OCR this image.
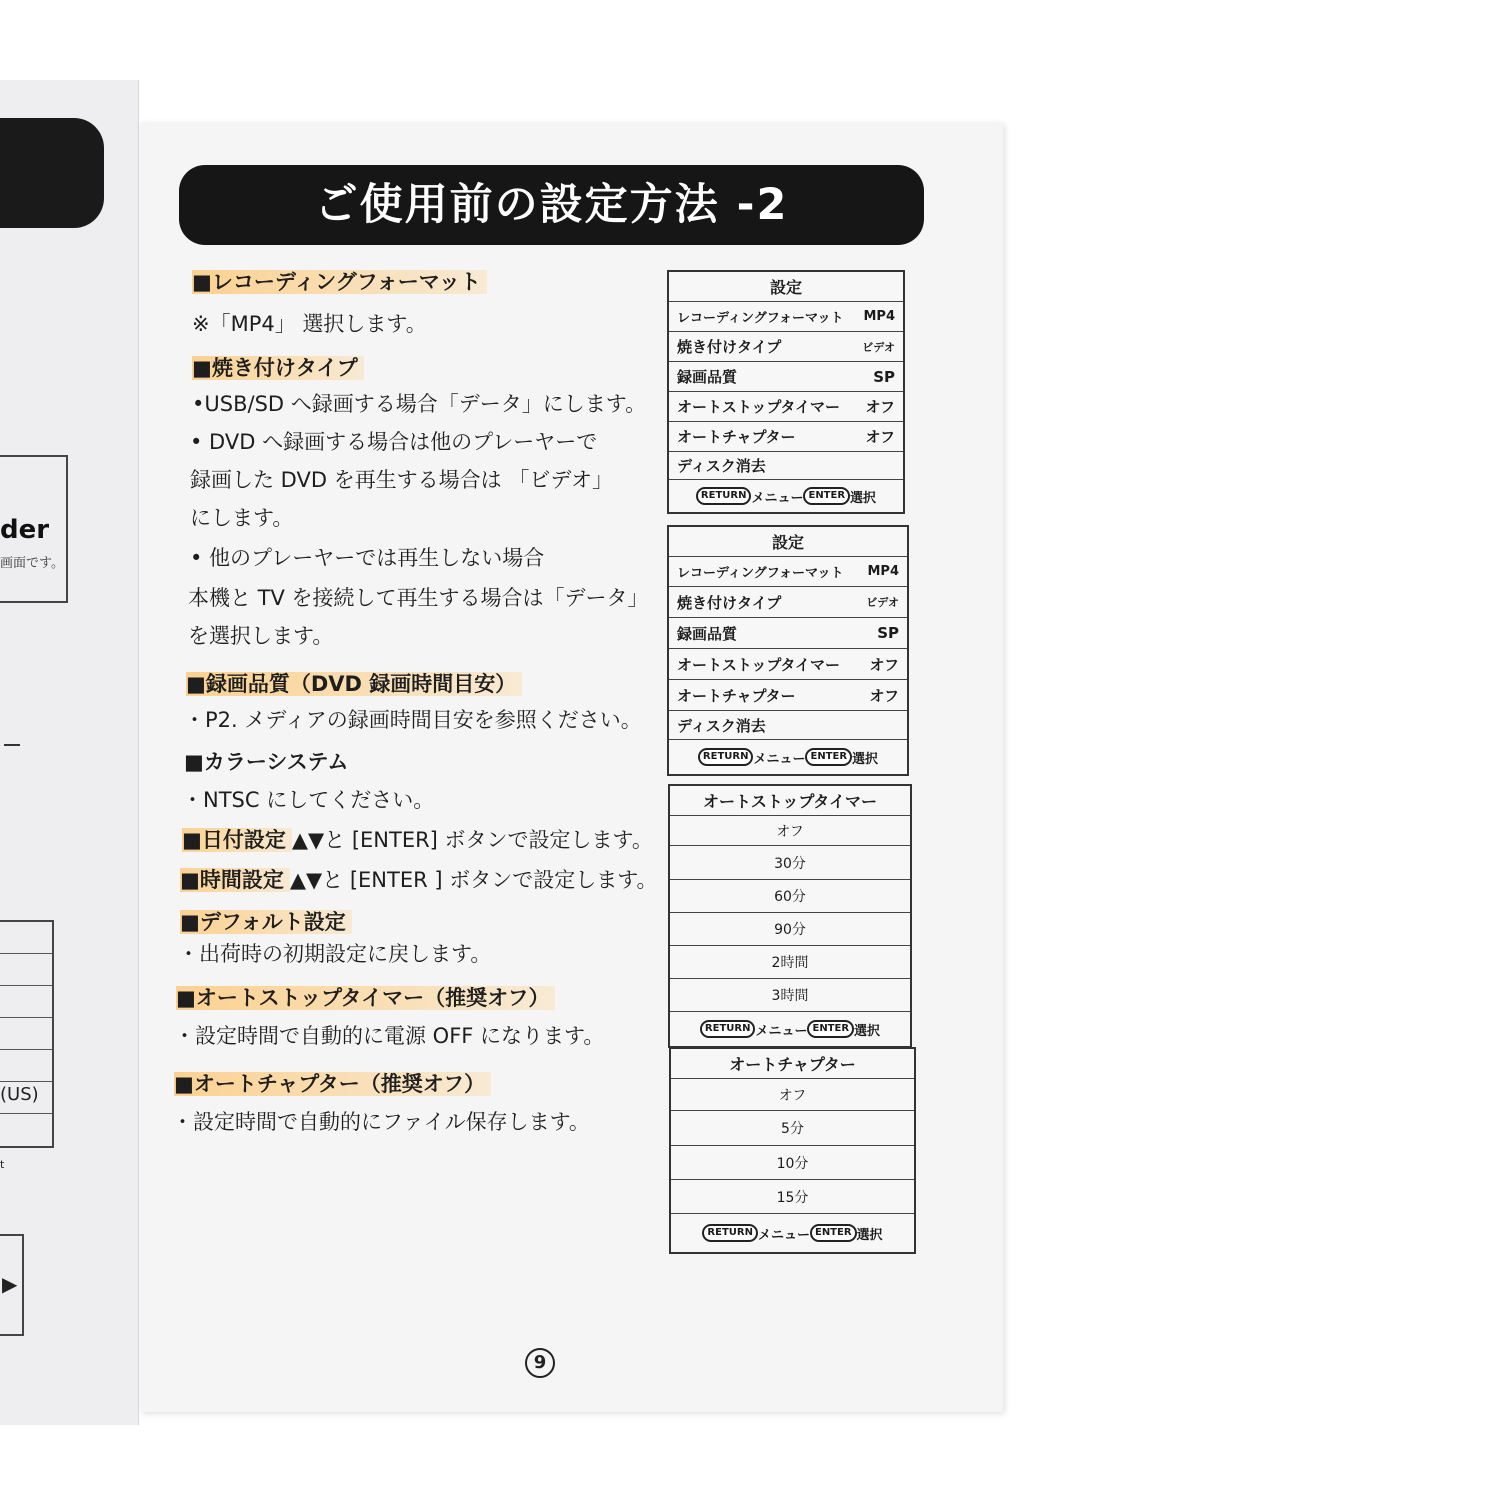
der
画面です。
(US)
t
▶
ご使用前の設定方法 -2
■レコーディングフォーマット
※「MP4」 選択します。
■焼き付けタイプ
•USB/SD へ録画する場合「データ」にします。
• DVD へ録画する場合は他のプレーヤーで
録画した DVD を再生する場合は 「ビデオ」
にします。
• 他のプレーヤーでは再生しない場合
本機と TV を接続して再生する場合は「データ」
を選択します。
■録画品質（DVD 録画時間目安）
・P2. メディアの録画時間目安を参照ください。
■カラーシステム
・NTSC にしてください。
■日付設定 ▲▼と [ENTER] ボタンで設定します。
■時間設定 ▲▼と [ENTER ] ボタンで設定します。
■デフォルト設定
・出荷時の初期設定に戻します。
■オートストップタイマー（推奨オフ）
・設定時間で自動的に電源 OFF になります。
■オートチャプター（推奨オフ）
・設定時間で自動的にファイル保存します。
設定
レコーディングフォーマット MP4
焼き付けタイプ	ビデオ
録画品質	SP
オートストップタイマー オフ
オートチャプター	オフ
ディスク消去
RETURN メニュー ENTER 選択
設定
レコーディングフォーマット MP4
焼き付けタイプ	ビデオ
録画品質	SP
オートストップタイマー オフ
オートチャプター	オフ
ディスク消去
RETURN メニュー ENTER 選択
オートストップタイマー
オフ
30分
60分
90分
2時間
3時間
RETURN メニュー ENTER 選択
オートチャプター
オフ
5分
10分
15分
RETURN メニュー ENTER 選択
9
